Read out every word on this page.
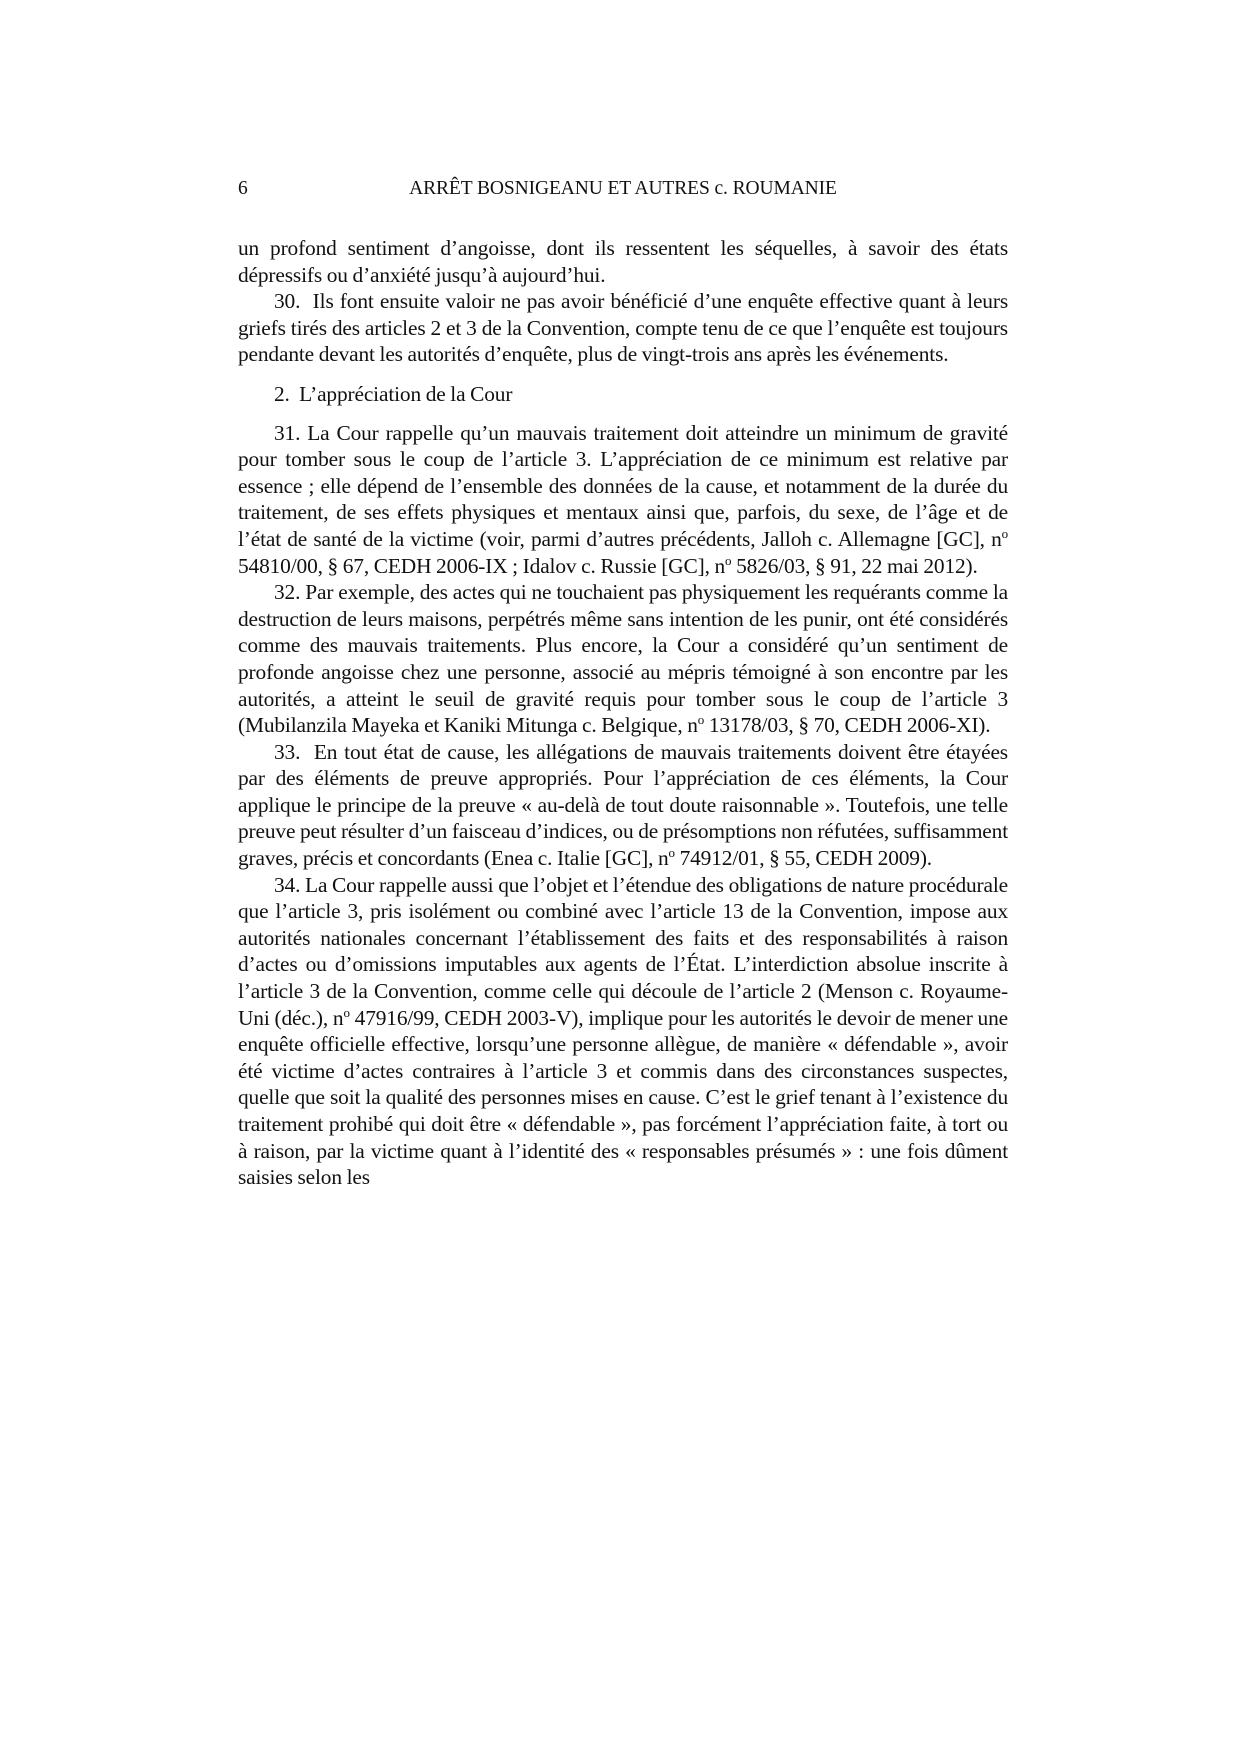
6	ARRÊT BOSNIGEANU ET AUTRES c. ROUMANIE

un profond sentiment d’angoisse, dont ils ressentent les séquelles, à savoir des états dépressifs ou d’anxiété jusqu’à aujourd’hui.

30. Ils font ensuite valoir ne pas avoir bénéficié d’une enquête effective quant à leurs griefs tirés des articles 2 et 3 de la Convention, compte tenu de ce que l’enquête est toujours pendante devant les autorités d’enquête, plus de vingt-trois ans après les événements.

2. L’appréciation de la Cour

31. La Cour rappelle qu’un mauvais traitement doit atteindre un minimum de gravité pour tomber sous le coup de l’article 3. L’appréciation de ce minimum est relative par essence ; elle dépend de l’ensemble des données de la cause, et notamment de la durée du traitement, de ses effets physiques et mentaux ainsi que, parfois, du sexe, de l’âge et de l’état de santé de la victime (voir, parmi d’autres précédents, Jalloh c. Allemagne [GC], $n^o$ 54810/00, § 67, CEDH 2006-IX ; Idalov c. Russie [GC], $n^o$ 5826/03, § 91, 22 mai 2012).

32. Par exemple, des actes qui ne touchaient pas physiquement les requérants comme la destruction de leurs maisons, perpétrés même sans intention de les punir, ont été considérés comme des mauvais traitements. Plus encore, la Cour a considéré qu’un sentiment de profonde angoisse chez une personne, associé au mépris témoigné à son encontre par les autorités, a atteint le seuil de gravité requis pour tomber sous le coup de l’article 3 (Mubilanzila Mayeka et Kaniki Mitunga c. Belgique, $n^o$ 13178/03, § 70, CEDH 2006-XI).

33. En tout état de cause, les allégations de mauvais traitements doivent être étayées par des éléments de preuve appropriés. Pour l’appréciation de ces éléments, la Cour applique le principe de la preuve « au-delà de tout doute raisonnable ». Toutefois, une telle preuve peut résulter d’un faisceau d’indices, ou de présomptions non réfutées, suffisamment graves, précis et concordants (Enea c. Italie [GC], $n^o$ 74912/01, § 55, CEDH 2009).

34. La Cour rappelle aussi que l’objet et l’étendue des obligations de nature procédurale que l’article 3, pris isolément ou combiné avec l’article 13 de la Convention, impose aux autorités nationales concernant l’établissement des faits et des responsabilités à raison d’actes ou d’omissions imputables aux agents de l’État. L’interdiction absolue inscrite à l’article 3 de la Convention, comme celle qui découle de l’article 2 (Menson c. Royaume-Uni (déc.), $n^o$ 47916/99, CEDH 2003-V), implique pour les autorités le devoir de mener une enquête officielle effective, lorsqu’une personne allègue, de manière « défendable », avoir été victime d’actes contraires à l’article 3 et commis dans des circonstances suspectes, quelle que soit la qualité des personnes mises en cause. C’est le grief tenant à l’existence du traitement prohibé qui doit être « défendable », pas forcément l’appréciation faite, à tort ou à raison, par la victime quant à l’identité des « responsables présumés » : une fois dûment saisies selon les
